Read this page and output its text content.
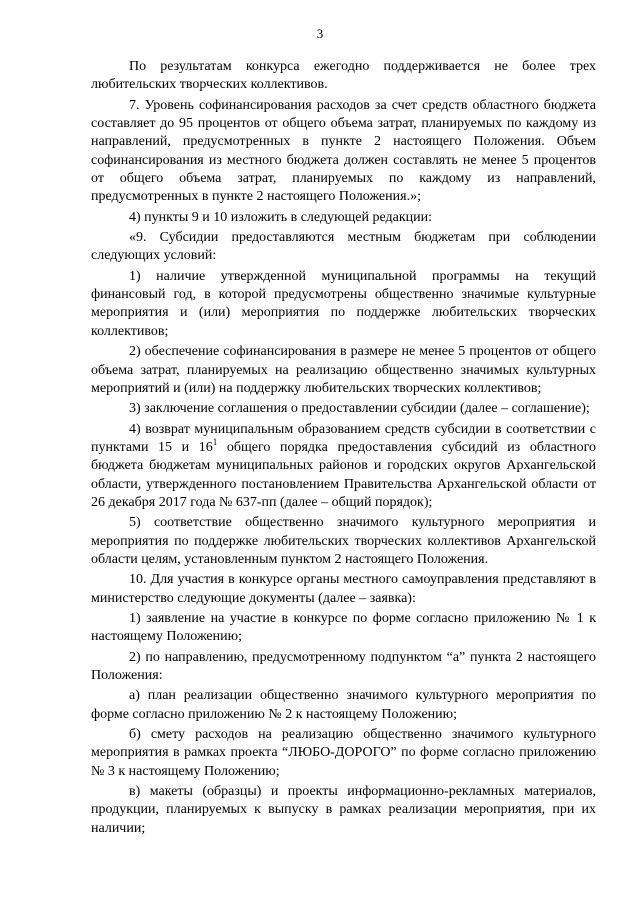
3

По результатам конкурса ежегодно поддерживается не более трех любительских творческих коллективов.

7. Уровень софинансирования расходов за счет средств областного бюджета составляет до 95 процентов от общего объема затрат, планируемых по каждому из направлений, предусмотренных в пункте 2 настоящего Положения. Объем софинансирования из местного бюджета должен составлять не менее 5 процентов от общего объема затрат, планируемых по каждому из направлений, предусмотренных в пункте 2 настоящего Положения.»;

4) пункты 9 и 10 изложить в следующей редакции:

«9. Субсидии предоставляются местным бюджетам при соблюдении следующих условий:

1) наличие утвержденной муниципальной программы на текущий финансовый год, в которой предусмотрены общественно значимые культурные мероприятия и (или) мероприятия по поддержке любительских творческих коллективов;

2) обеспечение софинансирования в размере не менее 5 процентов от общего объема затрат, планируемых на реализацию общественно значимых культурных мероприятий и (или) на поддержку любительских творческих коллективов;

3) заключение соглашения о предоставлении субсидии (далее – соглашение);

4) возврат муниципальным образованием средств субсидии в соответствии с пунктами 15 и $16^1$ общего порядка предоставления субсидий из областного бюджета бюджетам муниципальных районов и городских округов Архангельской области, утвержденного постановлением Правительства Архангельской области от 26 декабря 2017 года № 637-пп (далее – общий порядок);

5) соответствие общественно значимого культурного мероприятия и мероприятия по поддержке любительских творческих коллективов Архангельской области целям, установленным пунктом 2 настоящего Положения.

10. Для участия в конкурсе органы местного самоуправления представляют в министерство следующие документы (далее – заявка):

1) заявление на участие в конкурсе по форме согласно приложению № 1 к настоящему Положению;

2) по направлению, предусмотренному подпунктом “а” пункта 2 настоящего Положения:

а) план реализации общественно значимого культурного мероприятия по форме согласно приложению № 2 к настоящему Положению;

б) смету расходов на реализацию общественно значимого культурного мероприятия в рамках проекта “ЛЮБО-ДОРОГО” по форме согласно приложению № 3 к настоящему Положению;

в) макеты (образцы) и проекты информационно-рекламных материалов, продукции, планируемых к выпуску в рамках реализации мероприятия, при их наличии;
